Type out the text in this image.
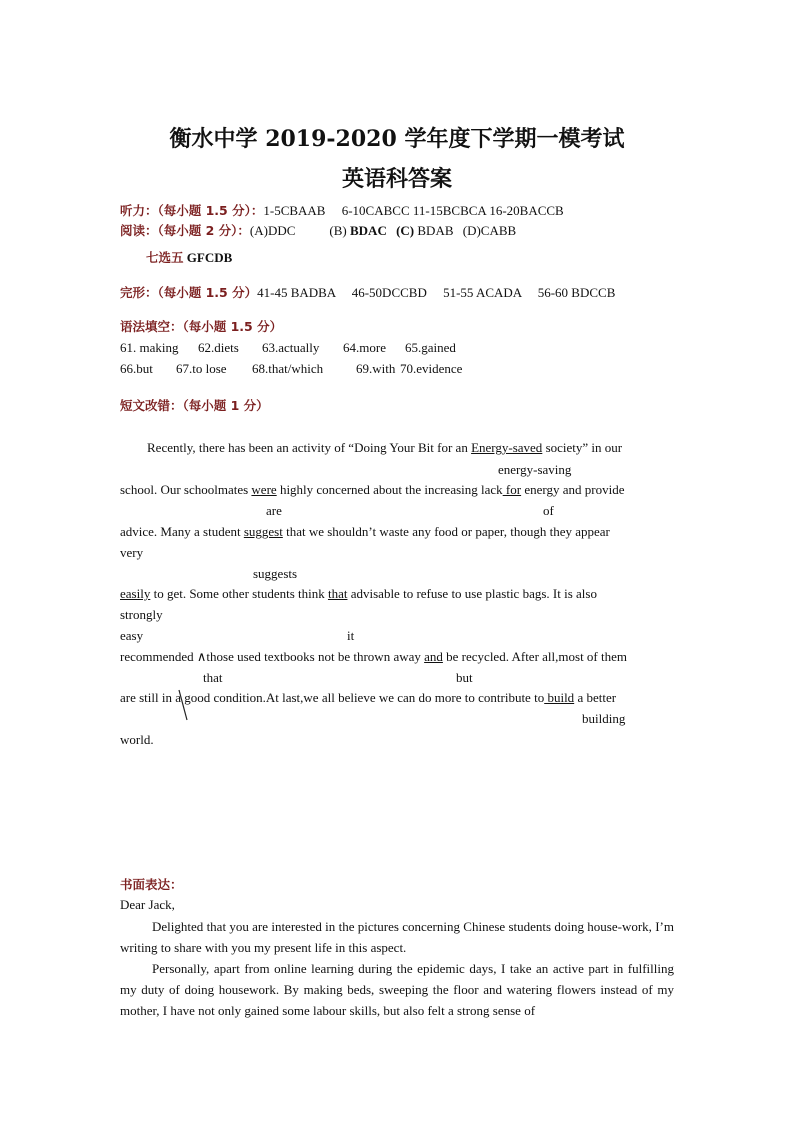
衡水中学 2019-2020 学年度下学期一模考试
英语科答案
听力：（每小题 1.5 分）：1-5CBAAB　 6-10CABCC 11-15BCBCA 16-20BACCB
阅读：（每小题 2 分）：(A)DDC	(B) BDAC (C) BDAB (D)CABB
七选五 GFCDB
完形：（每小题 1.5 分）41-45 BADBA　 46-50DCCBD　 51-55 ACADA　 56-60 BDCCB
语法填空：（每小题 1.5 分）
61. making 62.diets 63.actually 64.more 65.gained
66.but 67.to lose 68.that/which	69.with 70.evidence
短文改错：（每小题 1 分）
Recently, there has been an activity of “Doing Your Bit for an Energy-saved society” in our
energy-saving
school. Our schoolmates were highly concerned about the increasing lack for energy and provide
are	of
advice. Many a student suggest that we shouldn’t waste any food or paper, though they appear
very
suggests
easily to get. Some other students think that advisable to refuse to use plastic bags. It is also
strongly
easy	it
recommended ∧those used textbooks not be thrown away and be recycled. After all,most of them
that	but
are still in a good condition.At last,we all believe we can do more to contribute to build a better
building
world.
书面表达：
Dear Jack,
Delighted that you are interested in the pictures concerning Chinese students doing house-work, I’m writing to share with you my present life in this aspect.
Personally, apart from online learning during the epidemic days, I take an active part in fulfilling my duty of doing housework. By making beds, sweeping the floor and watering flowers instead of my mother, I have not only gained some labour skills, but also felt a strong sense of
